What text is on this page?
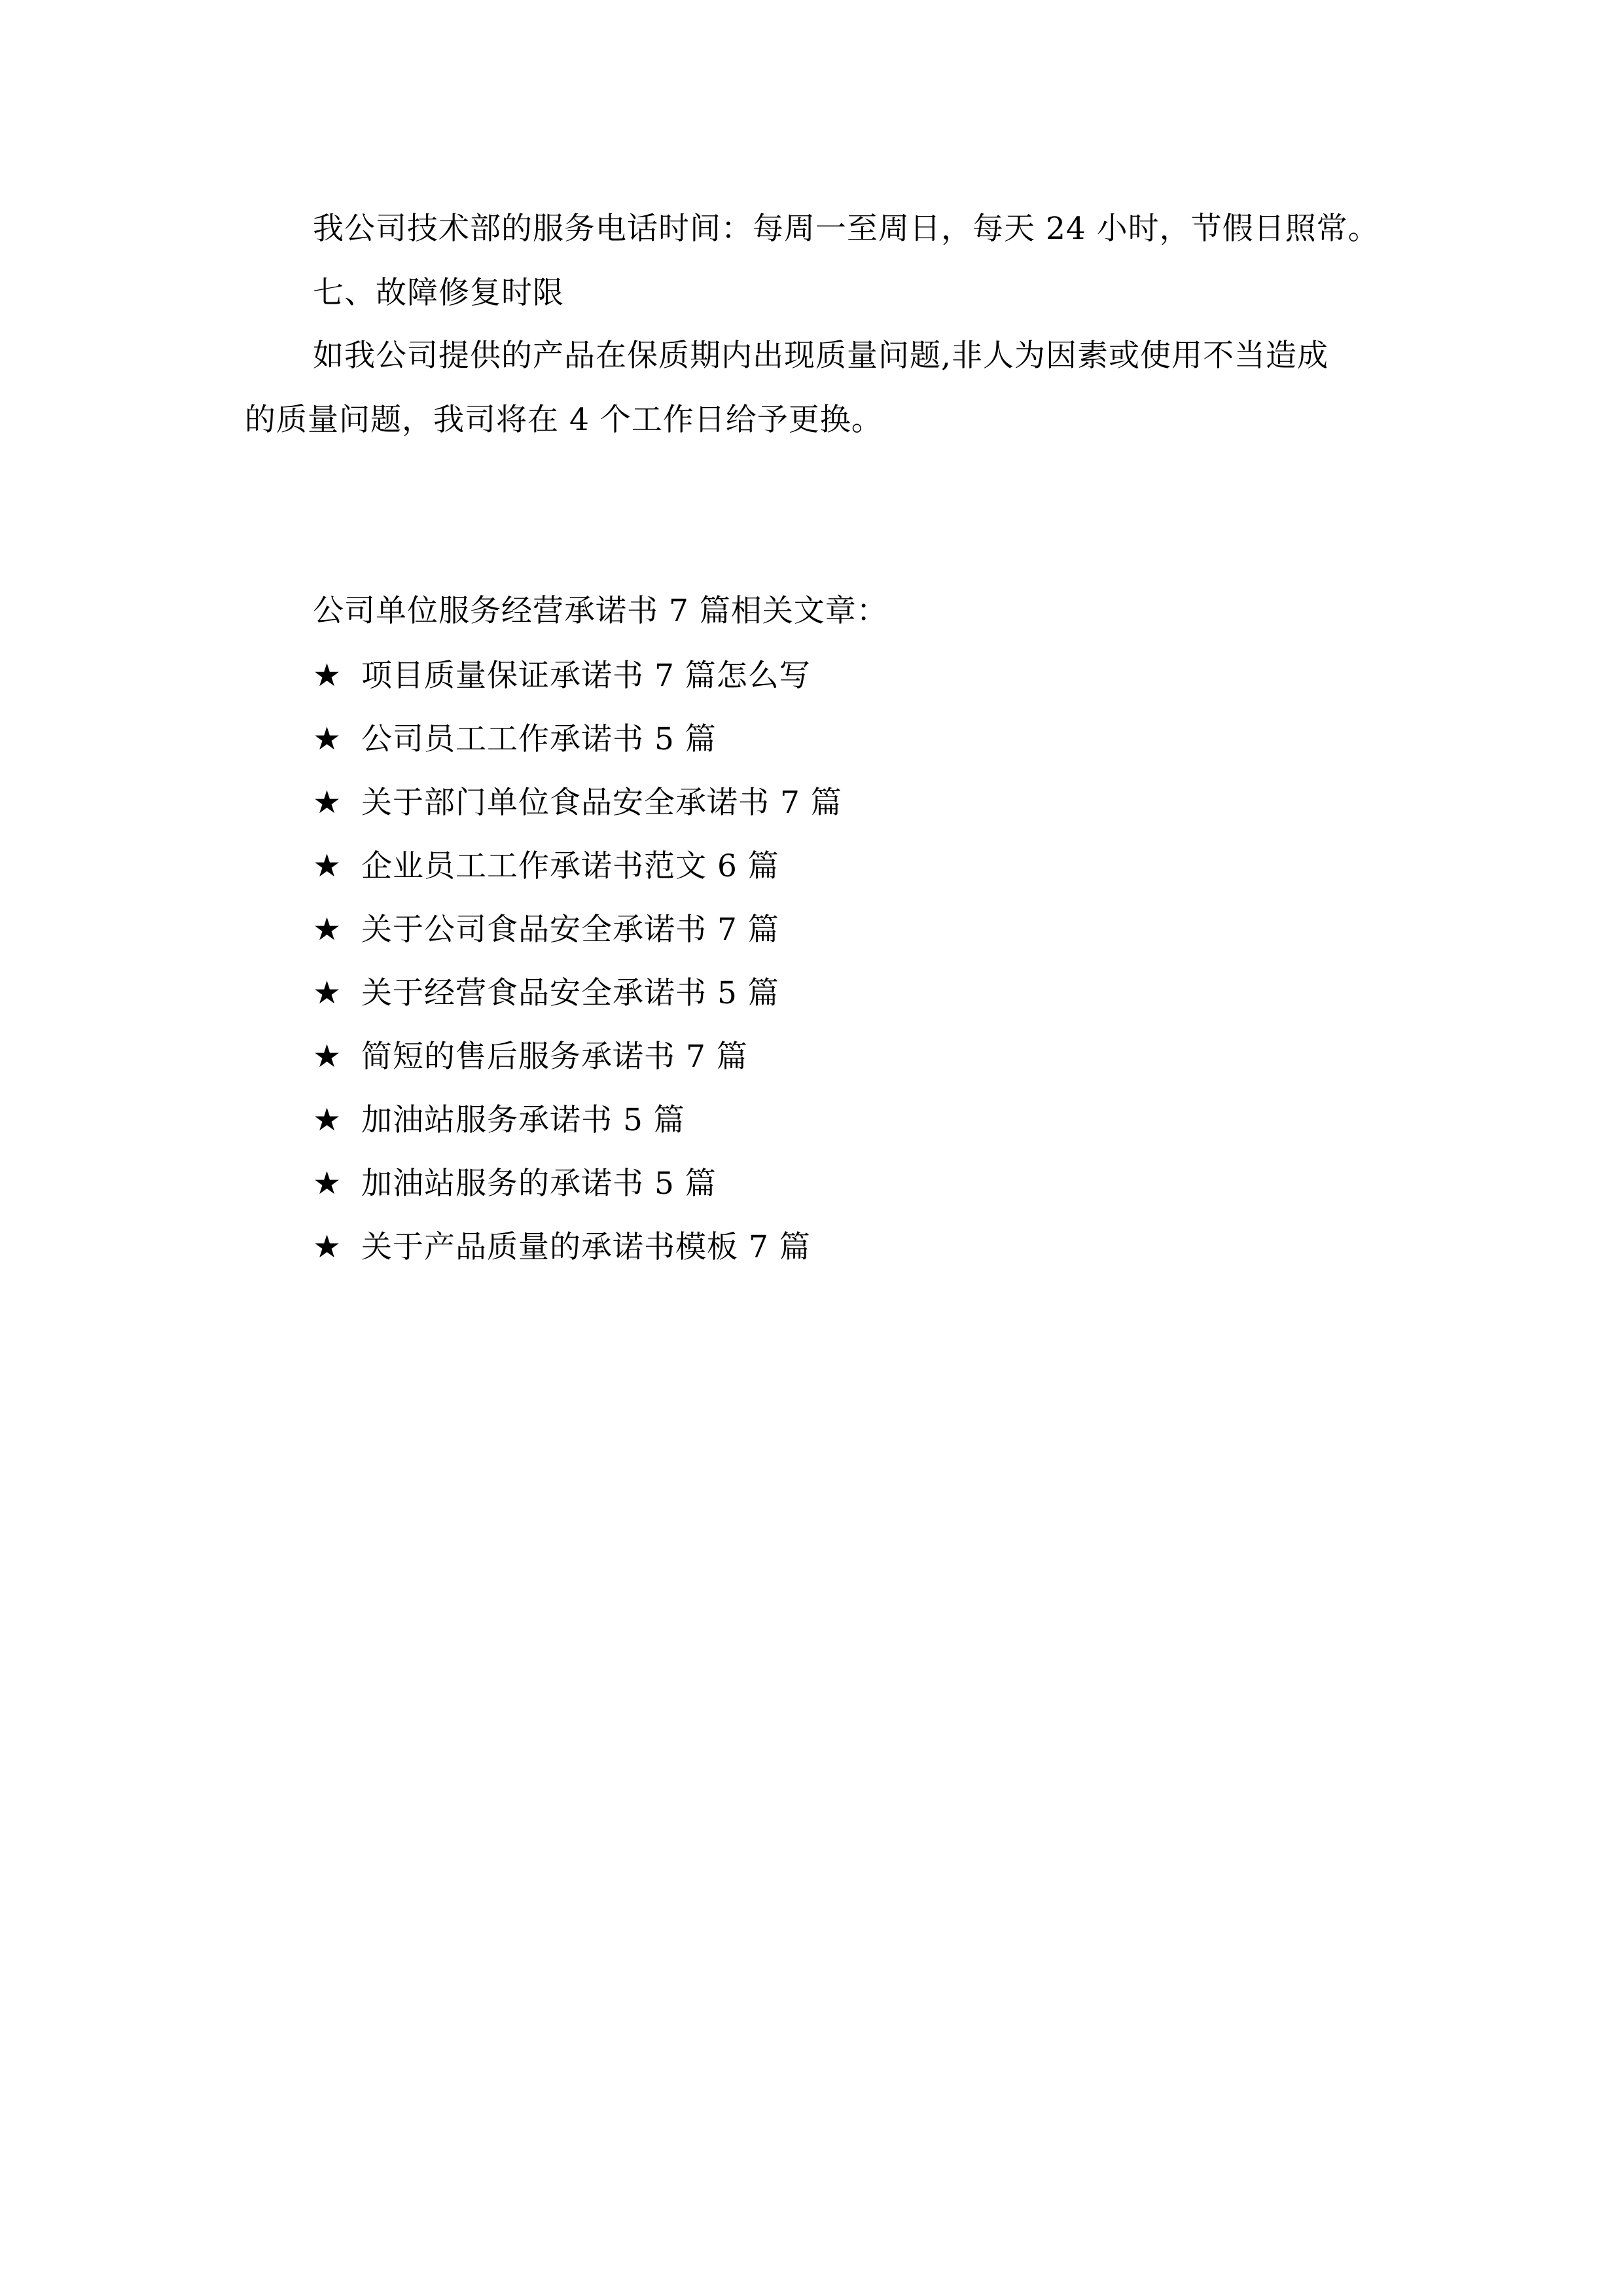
我公司技术部的服务电话时间：每周一至周日，每天 24 小时，节假日照常。
七、故障修复时限
如我公司提供的产品在保质期内出现质量问题,非人为因素或使用不当造成
的质量问题，我司将在 4 个工作日给予更换。
公司单位服务经营承诺书 7 篇相关文章：
★ 项目质量保证承诺书 7 篇怎么写
★ 公司员工工作承诺书 5 篇
★ 关于部门单位食品安全承诺书 7 篇
★ 企业员工工作承诺书范文 6 篇
★ 关于公司食品安全承诺书 7 篇
★ 关于经营食品安全承诺书 5 篇
★ 简短的售后服务承诺书 7 篇
★ 加油站服务承诺书 5 篇
★ 加油站服务的承诺书 5 篇
★ 关于产品质量的承诺书模板 7 篇
